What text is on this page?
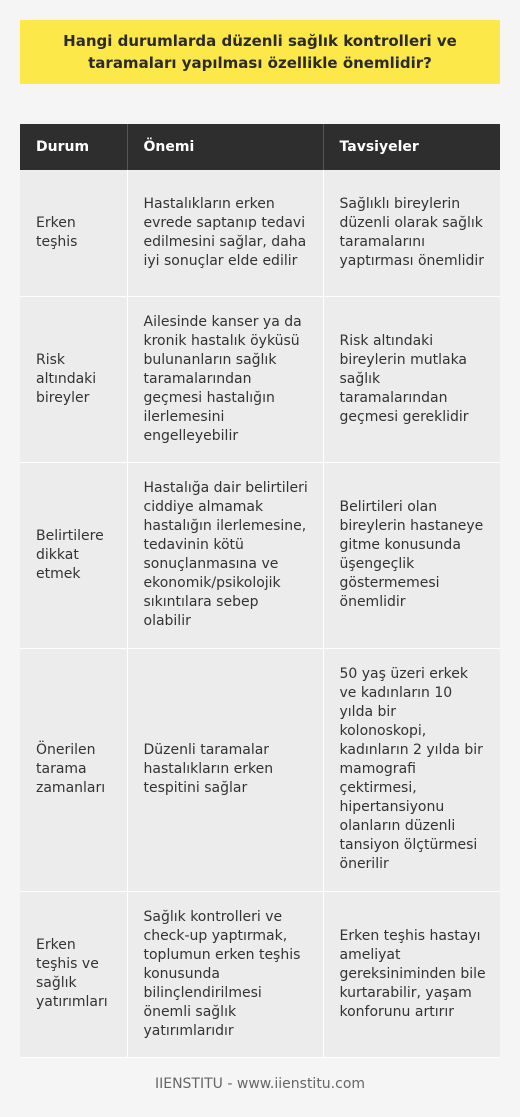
Hangi durumlarda düzenli sağlık kontrolleri ve taramaları yapılması özellikle önemlidir?
Durum	Önemi	Tavsiyeler
Erken teşhis	Hastalıkların erken evrede saptanıp tedavi edilmesini sağlar, daha iyi sonuçlar elde edilir	Sağlıklı bireylerin düzenli olarak sağlık taramalarını yaptırması önemlidir
Risk altındaki bireyler	Ailesinde kanser ya da kronik hastalık öyküsü bulunanların sağlık taramalarından geçmesi hastalığın ilerlemesini engelleyebilir	Risk altındaki bireylerin mutlaka sağlık taramalarından geçmesi gereklidir
Belirtilere dikkat etmek	Hastalığa dair belirtileri ciddiye almamak hastalığın ilerlemesine, tedavinin kötü sonuçlanmasına ve ekonomik/psikolojik sıkıntılara sebep olabilir	Belirtileri olan bireylerin hastaneye gitme konusunda üşengeçlik göstermemesi önemlidir
Önerilen tarama zamanları	Düzenli taramalar hastalıkların erken tespitini sağlar	50 yaş üzeri erkek ve kadınların 10 yılda bir kolonoskopi, kadınların 2 yılda bir mamografi çektirmesi, hipertansiyonu olanların düzenli tansiyon ölçtürmesi önerilir
Erken teşhis ve sağlık yatırımları	Sağlık kontrolleri ve check-up yaptırmak, toplumun erken teşhis konusunda bilinçlendirilmesi önemli sağlık yatırımlarıdır	Erken teşhis hastayı ameliyat gereksiniminden bile kurtarabilir, yaşam konforunu artırır
IIENSTITU - www.iienstitu.com
